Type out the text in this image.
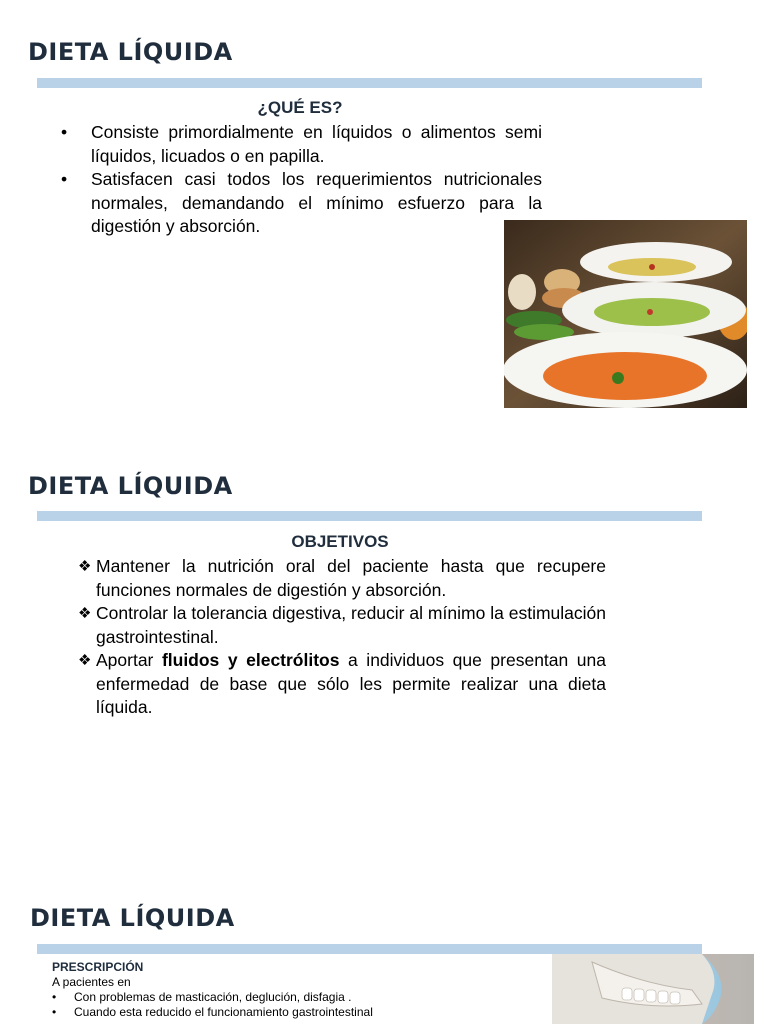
DIETA LÍQUIDA
¿QUÉ ES?
•	Consiste primordialmente en líquidos o alimentos semi líquidos, licuados o en papilla.
•	Satisfacen casi todos los requerimientos nutricionales normales, demandando el mínimo esfuerzo para la digestión y absorción.
DIETA LÍQUIDA
OBJETIVOS
❖ Mantener la nutrición oral del paciente hasta que recupere funciones normales de digestión y absorción.
❖ Controlar la tolerancia digestiva, reducir al mínimo la estimulación gastrointestinal.
❖ Aportar fluidos y electrólitos a individuos que presentan una enfermedad de base que sólo les permite realizar una dieta líquida.
DIETA LÍQUIDA
PRESCRIPCIÓN
A pacientes en
•	Con problemas de masticación, deglución, disfagia .
•	Cuando esta reducido el funcionamiento gastrointestinal
